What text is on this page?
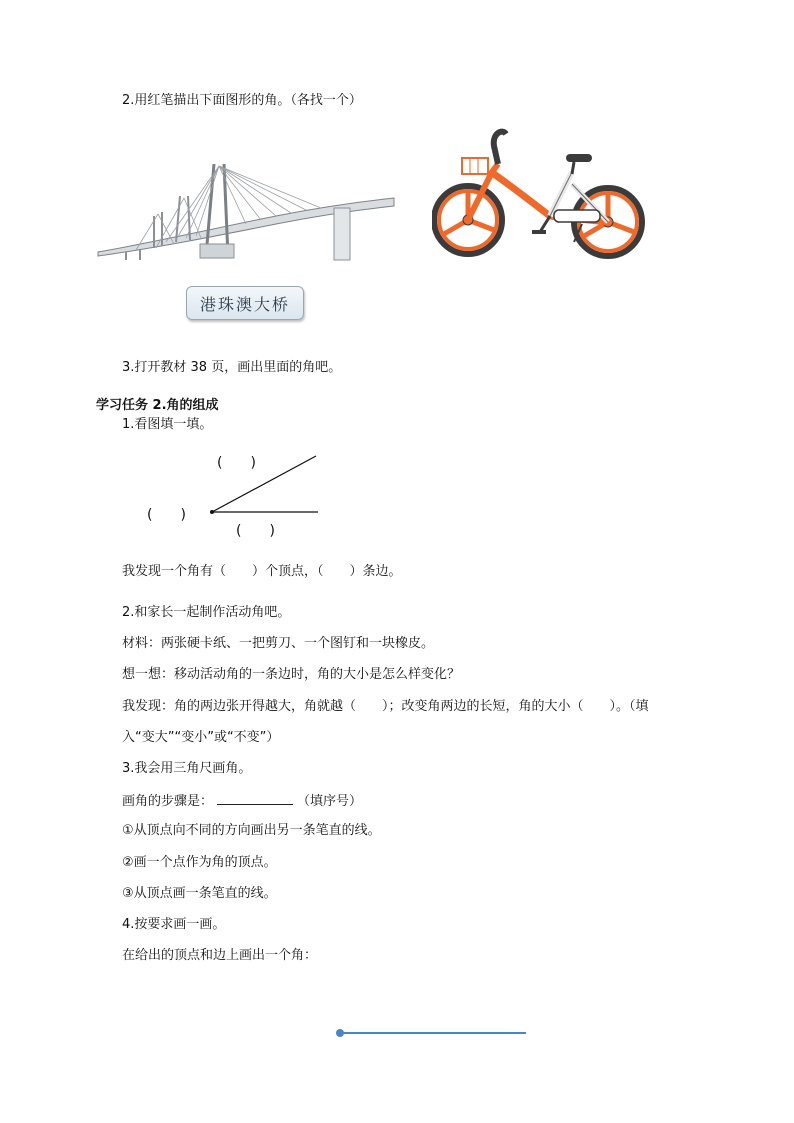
2.用红笔描出下面图形的角。（各找一个）
港珠澳大桥
3.打开教材 38 页，画出里面的角吧。
学习任务 2.角的组成
1.看图填一填。
(　　)
(　　)
(　　)
我发现一个角有（　　）个顶点，（　　）条边。
2.和家长一起制作活动角吧。
材料：两张硬卡纸、一把剪刀、一个图钉和一块橡皮。
想一想：移动活动角的一条边时，角的大小是怎么样变化？
我发现：角的两边张开得越大，角就越（　　）；改变角两边的长短，角的大小（　　）。（填
入“变大”“变小”或“不变”）
3.我会用三角尺画角。
画角的步骤是：	（填序号）
①从顶点向不同的方向画出另一条笔直的线。
②画一个点作为角的顶点。
③从顶点画一条笔直的线。
4.按要求画一画。
在给出的顶点和边上画出一个角：
